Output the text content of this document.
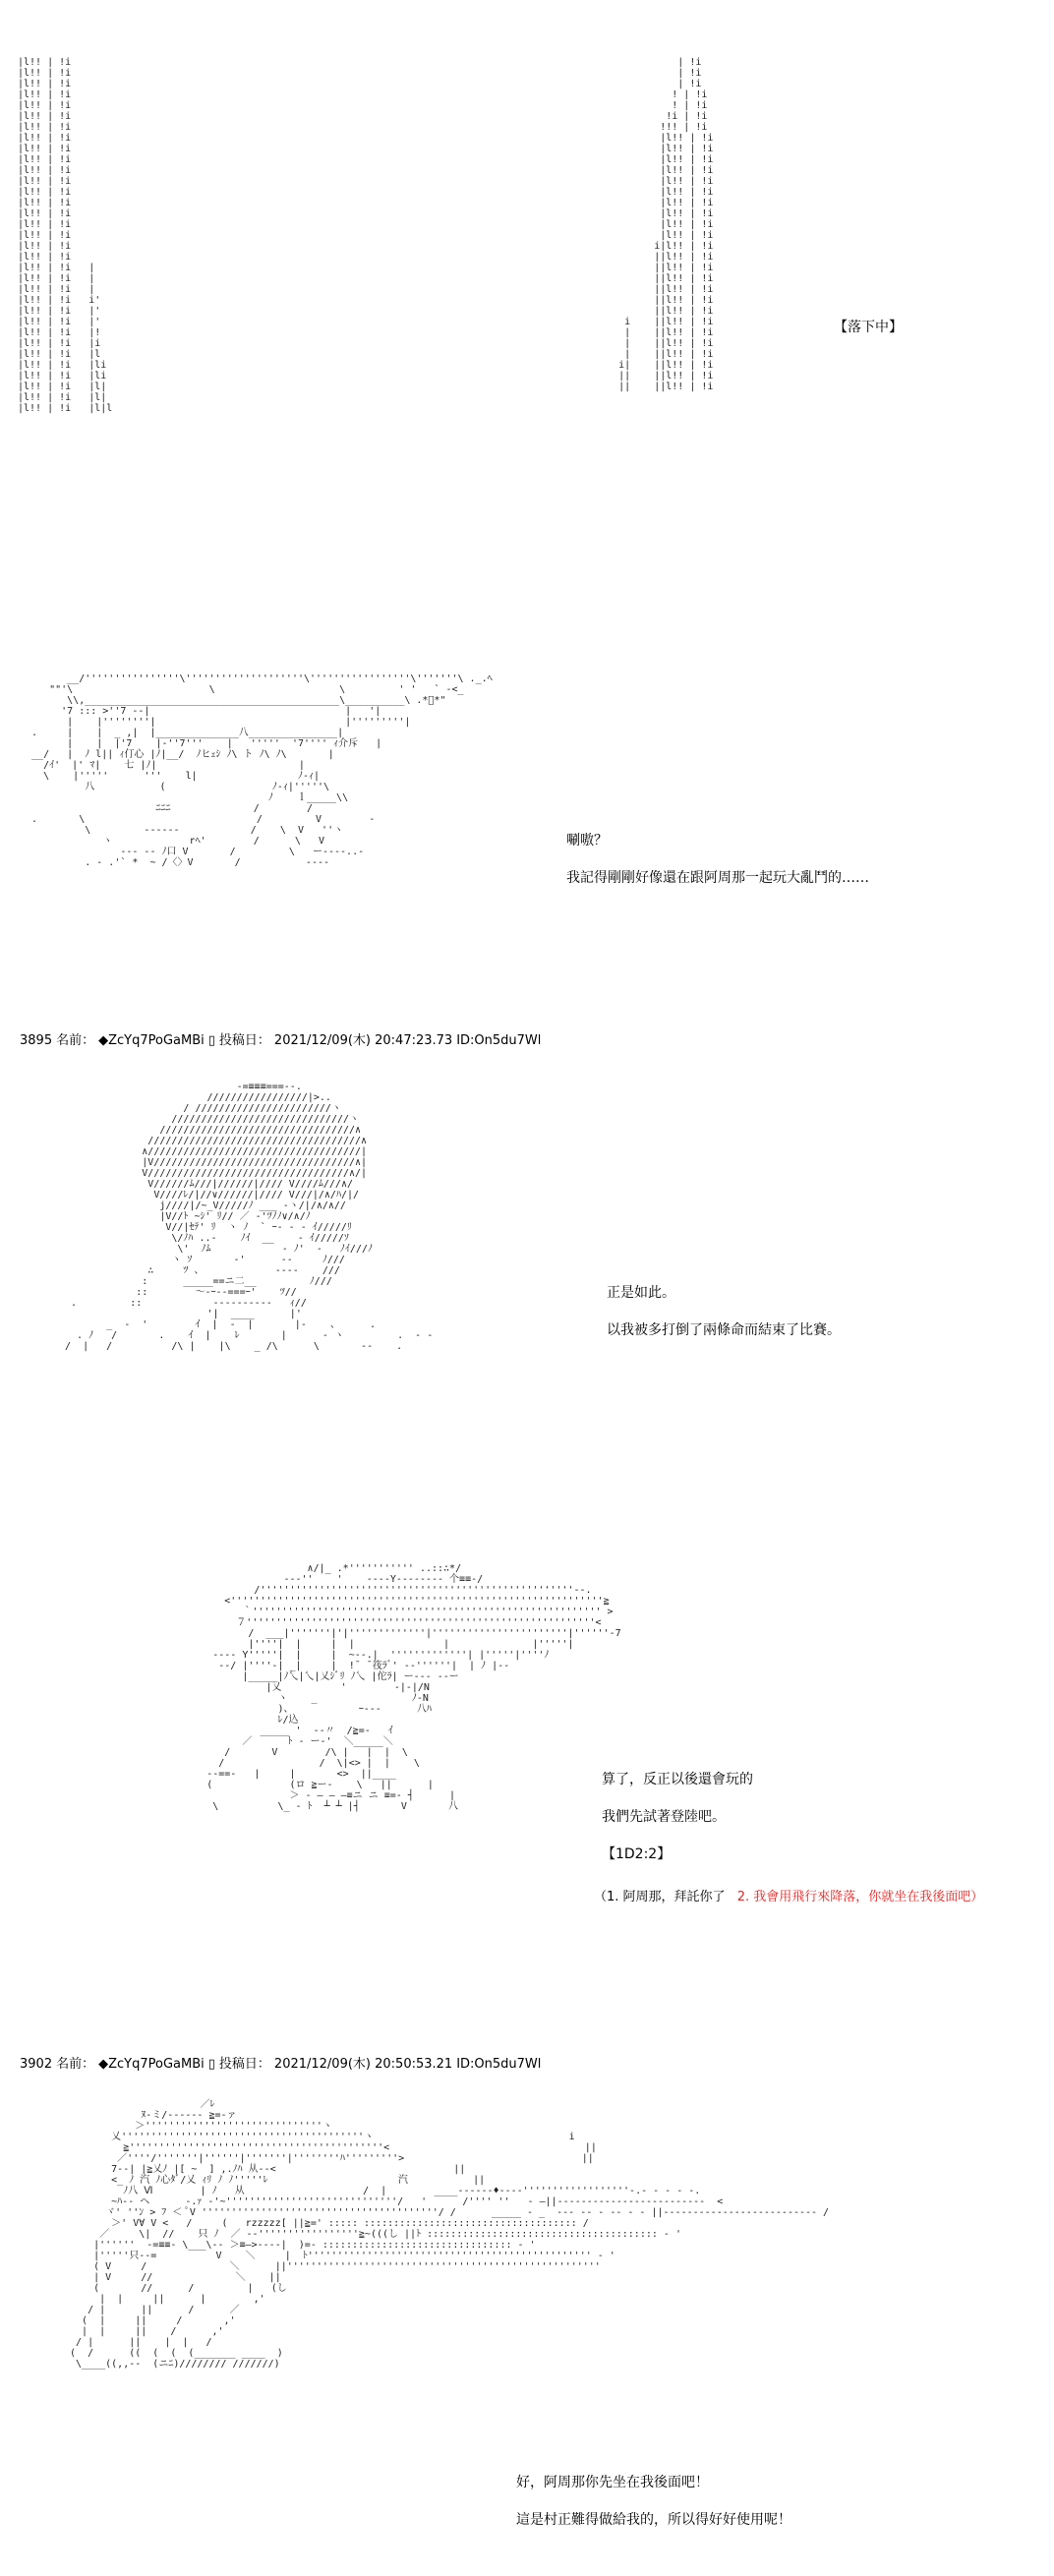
|l!! | !i
|l!! | !i
|l!! | !i
|l!! | !i
|l!! | !i
|l!! | !i
|l!! | !i
|l!! | !i
|l!! | !i
|l!! | !i
|l!! | !i
|l!! | !i
|l!! | !i
|l!! | !i
|l!! | !i
|l!! | !i
|l!! | !i
|l!! | !i
|l!! | !i
|l!! | !i   |
|l!! | !i   |
|l!! | !i   |
|l!! | !i   i'
|l!! | !i   |'
|l!! | !i   |'
|l!! | !i   |!
|l!! | !i   |i
|l!! | !i   |l
|l!! | !i   |li
|l!! | !i   |li
|l!! | !i   |l|
|l!! | !i   |l|
|l!! | !i   |l|l
| !i
| !i
| !i
! | !i
! | !i
!i | !i
!!! | !i
|l!! | !i
|l!! | !i
|l!! | !i
|l!! | !i
|l!! | !i
|l!! | !i
|l!! | !i
|l!! | !i
|l!! | !i
|l!! | !i
i|l!! | !i
||l!! | !i
||l!! | !i
||l!! | !i
||l!! | !i
||l!! | !i
||l!! | !i
i    ||l!! | !i
|    ||l!! | !i
|    ||l!! | !i
|    ||l!! | !i
i|    ||l!! | !i
||    ||l!! | !i
||    ||l!! | !i
【落下中】
__/''''''''''''''''\''''''''''''''''''''\'''''''''''''''''\'''''''\ ._.ﾍ
""'\                       \                     \         ' '   ` ‐<_
\\,___________________________________________\__________\ .*ﾞ*"
'7 ::: >''7 ‐‐|                                 |   '|
|    |''''''''|                                |'''''''''|
.     |    |  _ ,|  |______________八_______________|
|    |  |'7    |‐''7'''    |   '''''  '7'''' ｨ介斥   |
__/   |  ﾉ l|| ｨ仃心 |ﾉ|__/  ﾉヒｪｼ ﾉ\ ト ﾉ\ ﾉ\       |
/ｲ'  |' ﾏ|    七 |ﾉ|                        |
\    |'''''      '''    l|                 ﾉ‐ｨ|
八           (                  ﾉ‐ｨ|'''''\
ﾉ    ｌ_____\\
ﾆﾆﾆ              /        /
.       \                             /         V        ‐
\         ‐‐‐‐-‐            /    \  V   ''ヽ
ヽ             rﾍ'        /      \   V
‐‐‐ ‐‐ ﾉ口 V       /         \   ー‐‐‐‐..‐
. ‐ .'` *  ~ /〈〉V       /           ‐‐‐‐
唰嗷？
我記得剛剛好像還在跟阿周那一起玩大亂鬥的……
3895 名前： ◆ZcYq7PoGaMBi ▯ 投稿日： 2021/12/09(木) 20:47:23.73 ID:On5du7Wl
-=≡≡≡===-‐.
/////////////////|>..
/ ///////////////////////ヽ
//////////////////////////////ヽ
/////////////////////////////////∧
////////////////////////////////////∧
∧////////////////////////////////////|
|V//////////////////////////////////∧|
V//////////////////////////////////∧/|
V//////ﾑ///|//////|//// V////ﾑ///∧/
V////ﾚ/|//∨//////|//// V///|/∧/ﾊ/|/
j////|/~_V/////ﾉ ___ -ヽ/|/∧/∧//
|V//ﾄ ~ｼ' ﾘ// ／ ‐'ﾂﾉﾉ∨/∧/ﾉ
V//|ｾﾃ' ﾘ  ヽ ﾉ  ` ｰ‐ ‐ ‐ ｲ/////ﾘ
\/ﾉﾊ ..‐    ﾉｲ  __    ‐ ｲ/////ｿ
\'  ﾉﾑ            ‐ ﾉ'  ‐   ﾉｲ///ﾉ
ヽ ｿ       ‐'      ‐‐     ﾉ///
∴     ﾂ 、            ‐‐‐‐    ///
:      _____==ニ二__         ﾉ///
::        ～‐ｰ‐‐===ｰ'    ﾂ//
.         ::            ---------‐   ｨ//
'|  ____      |'
_  -  '        ｲ  |  ‐  |       |‐    、     .
. ﾉ   /       .    ｲ  |    ﾚ       |      ‐ ヽ         .  ‐ ‐
/  |   /          /\ |    |\    _ /\      \       ‐‐    .
正是如此。
以我被多打倒了兩條命而結束了比賽。
∧/|_ .*''''''''''' ..::∴*/
-‐‐''    '    ‐‐‐‐Y‐‐‐‐‐‐‐‐ 个≡≡‐/
/'''''''''''''''''''''''''''''''''''''''''''''''''''''‐‐.
<'''''''''''''''''''''''''''''''''''''''''''''''''''''''''''''''≧
｀''''''''''''''''''''''''''''''''''''''''''''''''''''''''''' >
７'''''''''''''''''''''''''''''''''''''''''''''''''''''''''''<
/  ___|'''''''|'|'''''''''''''|'''''''''''''''''''''''|''''''‐7
|''''|  |     |  |               |              |'''''|
‐‐‐‐ Y'''''|  |     |  ~‐‐.|  '''''''''''''| |'''''|''''ﾉ
‐‐/ |''''‐| _|     |  !̄  ̄ 筏ﾗﾞ' ‐‐''''''|  | ﾉ |‐‐
|_____|ﾉ乀|乀|乂ｼﾞﾘ ﾉ乀 |佗ﾗ| ー‐‐‐ ‐‐ー
|乂          '        ‐|‐|/N
ヽ    _                ﾉ‐N
)、           ｰ‐‐‐      八ﾊ
ﾚ/込
_____ '  ‐‐〃  /≧=‐   ｲ
／      ﾄ ‐ ー‐'  ＼_____＼
/       V        /\ |   |  |  \
/                /  \|<> |  |    \
‐‐==‐   |     |       <>  ||____
(             (ロ ≧ー‐    \   ||      |
＞ ‐ ― ― ―≡ニ ニ ≡=‐ ┤      |
\          \_ ‐ ﾄ  ┴ ┴ |┤       V       八
算了，反正以後還會玩的
我們先試著登陸吧。
【1D2:2】
（1. 阿周那，拜託你了 2. 我會用飛行來降落，你就坐在我後面吧）
3902 名前： ◆ZcYq7PoGaMBi ▯ 投稿日： 2021/12/09(木) 20:50:53.21 ID:On5du7Wl
／ﾚ
ﾇ‐ミ/‐‐‐‐‐‐ ≧=‐ァ
＞''''''''''''''''''''''''''''''ヽ
乂'''''''''''''''''''''''''''''''''''''''''ヽ                                 i
≧'''''''''''''''''''''''''''''''''''''''''''<                                 ||
／''''/'''''''|''''''|'''''''|''''''''ﾊ'''''''''>                              ||
7‐‐| |≧乂ﾉ |[ ~  ] ,.ﾉﾊ 从‐‐<                              ||
<_ ﾉ 汽 ﾉ心ﾀﾞ/乂 ｨﾘ ﾉ ﾉ'''''ﾚ                      汽           ||
ﾉ八 Ⅵ        | ﾉ   从                    /  |        ____‐‐‐‐‐‐♦‐‐‐‐''''''''''''''''''‐.‐ ‐ ‐ ‐ ‐.
~ﾊ‐‐ ヘ      ‐.ｧ ‐'~'''''''''''''''''''''''''''''/   '      /'''' ''   ‐ ―||‐‐‐‐‐‐‐‐‐‐‐‐‐‐‐‐‐‐‐‐‐‐‐‐‐  <
ヾ' ''ﾝ > ﾌ ＜ ﾟV ''''''''''''''''''''''''''''''''''''''''/ /      _____ ‐ _  ‐‐‐ ‐‐ - ‐‐ ‐ ‐ ||‐‐‐‐‐‐‐‐‐‐‐‐‐‐‐‐‐‐‐‐‐‐‐‐‐‐ /
＞' V∀ V <   /     (   rzzzzz[ ||≧=' ::::: :::::::::::::::::::::::::::::::::::: /
／     \|  //    只 ﾉ  ／ ‐‐'''''''''''''''''≧~(((し ||ﾄ ::::::::::::::::::::::::::::::::::::::: ‐ '
|''''''  ‐=≡≡‐ \___\‐‐ ＞≡―>‐‐‐‐|  )=‐ :::::::::::::::::::::::::::::::: ‐ '
|'''''只‐‐=          V    ＼     |  ﾄ'''''''''''''''''''''''''''''''''''''''''''''''' ‐ '
( V     /              ＼      ||'''''''''''''''''''''''''''''''''''''''''''''''''''''
| V     //              ＼    ||
(       //      /         |   (し
|  |     ||      |        ,'
/ |      ||      /      ／
(  |     ||     /       ,'
|  |     ||    /      ,'
/ |      ||    |  |   /
(  /      ((  (  (  (_______ ____  )
\____((,,‐‐  (ニﾆ)//////// ///////)
好，阿周那你先坐在我後面吧！
這是村正難得做給我的，所以得好好使用呢！
